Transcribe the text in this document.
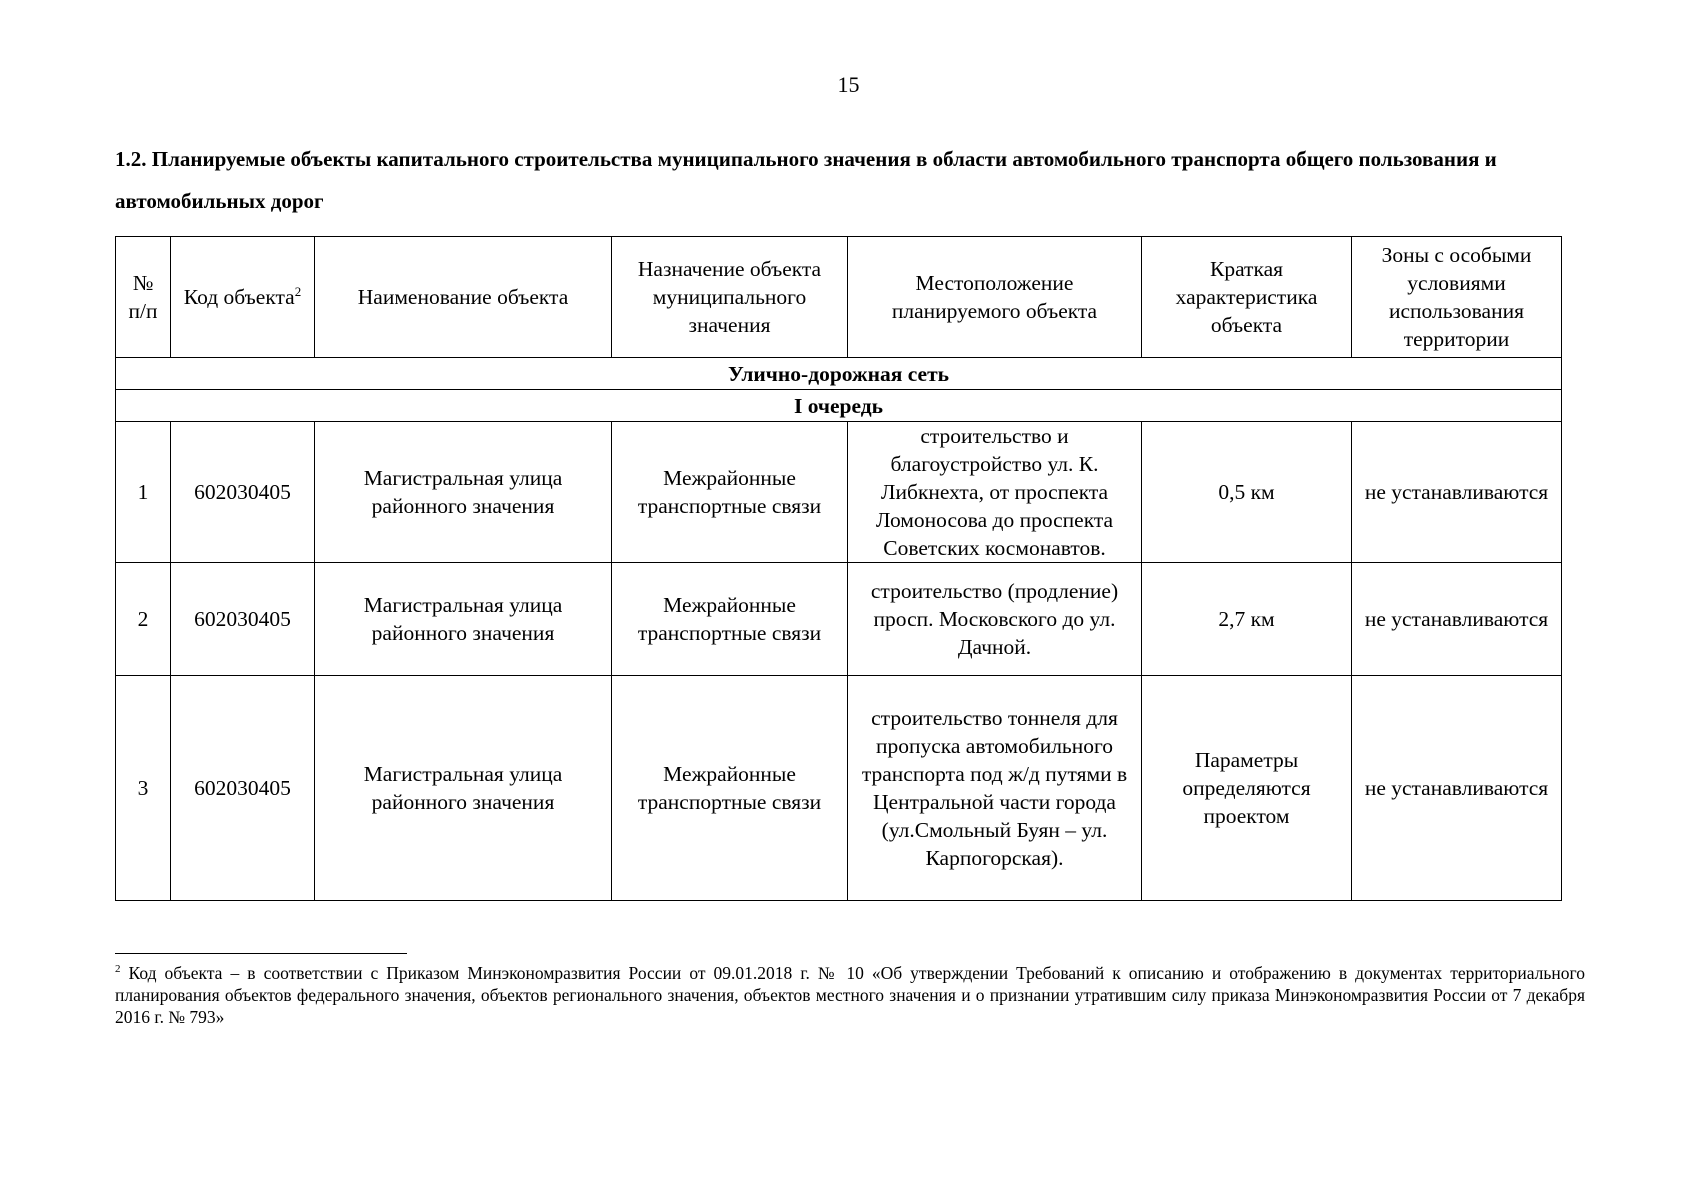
15
1.2. Планируемые объекты капитального строительства муниципального значения в области автомобильного транспорта общего пользования и автомобильных дорог
№ п/п	Код объекта$^2$	Наименование объекта	Назначение объекта муниципального значения	Местоположение планируемого объекта	Краткая характеристика объекта	Зоны с особыми условиями использования территории
Улично-дорожная сеть						
I очередь						
1	602030405	Магистральная улица районного значения	Межрайонные транспортные связи	строительство и благоустройство ул. К. Либкнехта, от проспекта Ломоносова до проспекта Советских космонавтов.	0,5 км	не устанавливаются
2	602030405	Магистральная улица районного значения	Межрайонные транспортные связи	строительство (продление) просп. Московского до ул. Дачной.	2,7 км	не устанавливаются
3	602030405	Магистральная улица районного значения	Межрайонные транспортные связи	строительство тоннеля для пропуска автомобильного транспорта под ж/д путями в Центральной части города (ул.Смольный Буян – ул. Карпогорская).	Параметры определяются проектом	не устанавливаются
$^2$ Код объекта – в соответствии с Приказом Минэкономразвития России от 09.01.2018 г. № 10 «Об утверждении Требований к описанию и отображению в документах территориального планирования объектов федерального значения, объектов регионального значения, объектов местного значения и о признании утратившим силу приказа Минэкономразвития России от 7 декабря 2016 г. № 793»
